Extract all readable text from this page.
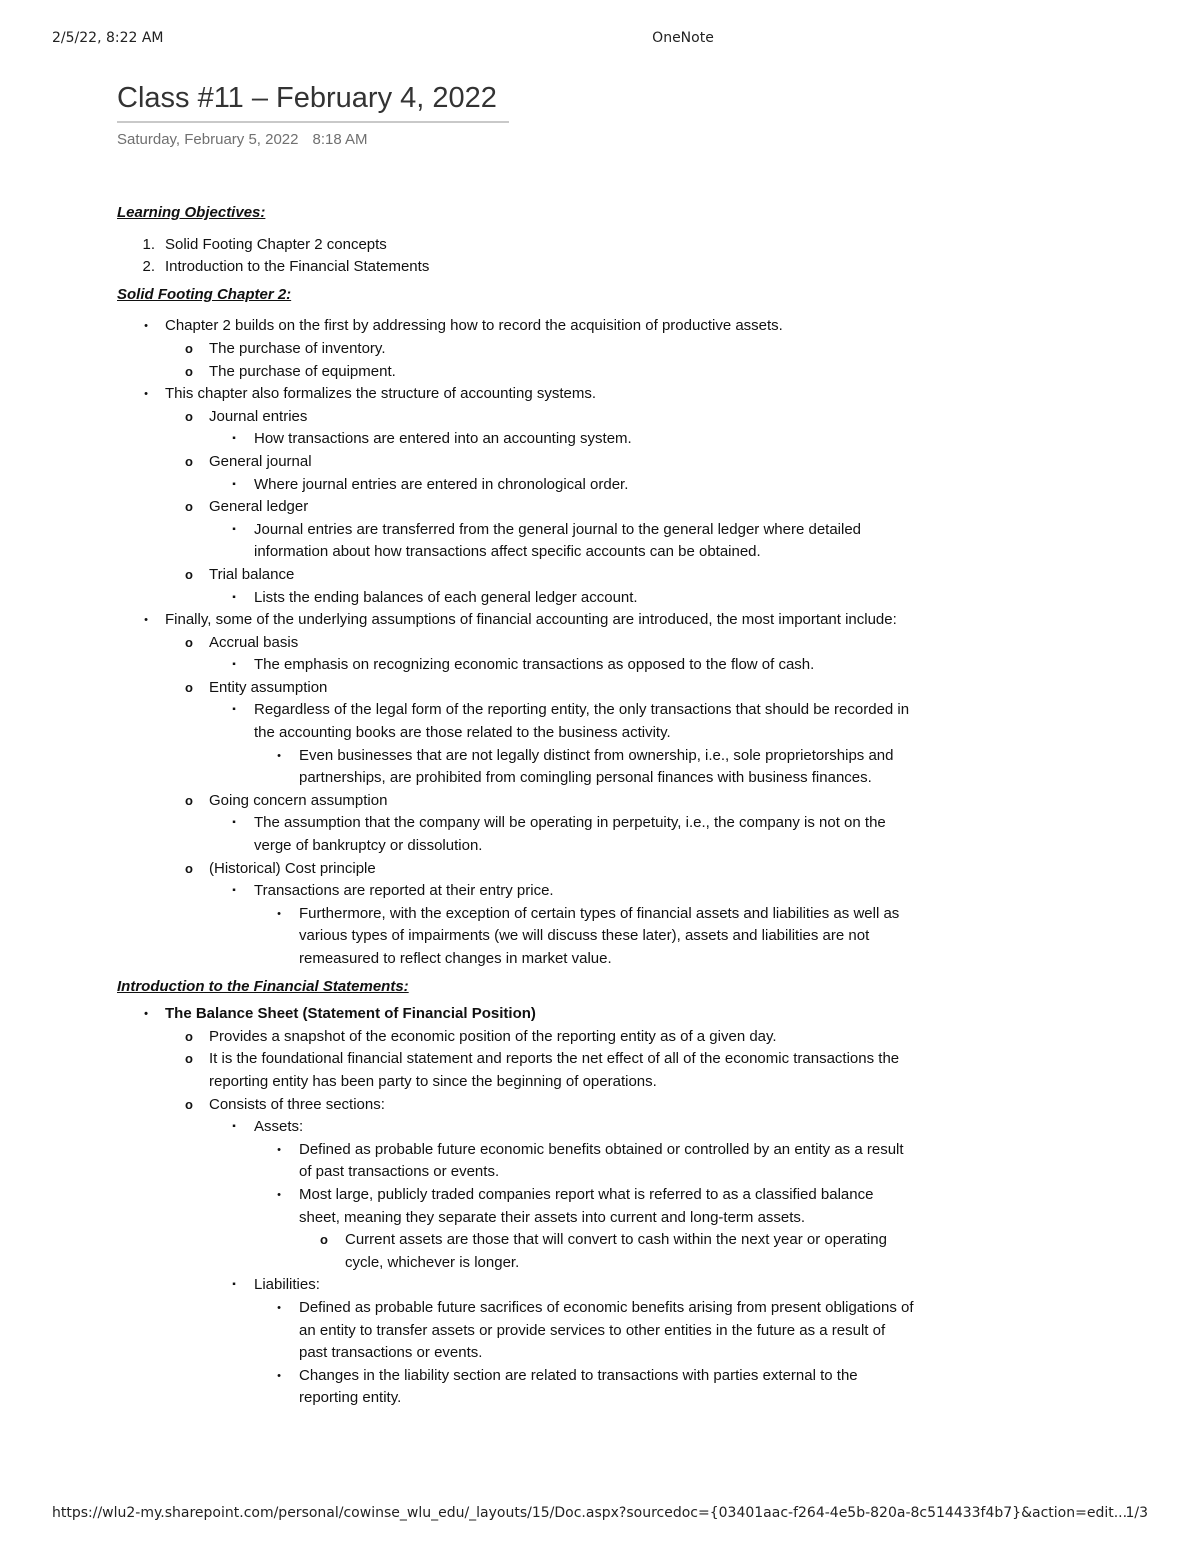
2/5/22, 8:22 AM	OneNote
Class #11 – February 4, 2022
Saturday, February 5, 2022 8:18 AM
Learning Objectives:
1. Solid Footing Chapter 2 concepts
2. Introduction to the Financial Statements
Solid Footing Chapter 2:
•	Chapter 2 builds on the first by addressing how to record the acquisition of productive assets.
o	The purchase of inventory.
o	The purchase of equipment.
•	This chapter also formalizes the structure of accounting systems.
o	Journal entries
▪	How transactions are entered into an accounting system.
o	General journal
▪	Where journal entries are entered in chronological order.
o	General ledger
▪	Journal entries are transferred from the general journal to the general ledger where detailed information about how transactions affect specific accounts can be obtained.
o	Trial balance
▪	Lists the ending balances of each general ledger account.
•	Finally, some of the underlying assumptions of financial accounting are introduced, the most important include:
o	Accrual basis
▪	The emphasis on recognizing economic transactions as opposed to the flow of cash.
o	Entity assumption
▪	Regardless of the legal form of the reporting entity, the only transactions that should be recorded in the accounting books are those related to the business activity.
•	Even businesses that are not legally distinct from ownership, i.e., sole proprietorships and partnerships, are prohibited from comingling personal finances with business finances.
o	Going concern assumption
▪	The assumption that the company will be operating in perpetuity, i.e., the company is not on the verge of bankruptcy or dissolution.
o	(Historical) Cost principle
▪	Transactions are reported at their entry price.
•	Furthermore, with the exception of certain types of financial assets and liabilities as well as various types of impairments (we will discuss these later), assets and liabilities are not remeasured to reflect changes in market value.
Introduction to the Financial Statements:
•	The Balance Sheet (Statement of Financial Position)
o	Provides a snapshot of the economic position of the reporting entity as of a given day.
o	It is the foundational financial statement and reports the net effect of all of the economic transactions the reporting entity has been party to since the beginning of operations.
o	Consists of three sections:
▪	Assets:
•	Defined as probable future economic benefits obtained or controlled by an entity as a result of past transactions or events.
•	Most large, publicly traded companies report what is referred to as a classified balance sheet, meaning they separate their assets into current and long-term assets.
o	Current assets are those that will convert to cash within the next year or operating cycle, whichever is longer.
▪	Liabilities:
•	Defined as probable future sacrifices of economic benefits arising from present obligations of an entity to transfer assets or provide services to other entities in the future as a result of past transactions or events.
•	Changes in the liability section are related to transactions with parties external to the reporting entity.
https://wlu2-my.sharepoint.com/personal/cowinse_wlu_edu/_layouts/15/Doc.aspx?sourcedoc={03401aac-f264-4e5b-820a-8c514433f4b7}&action=edit...
1/3
